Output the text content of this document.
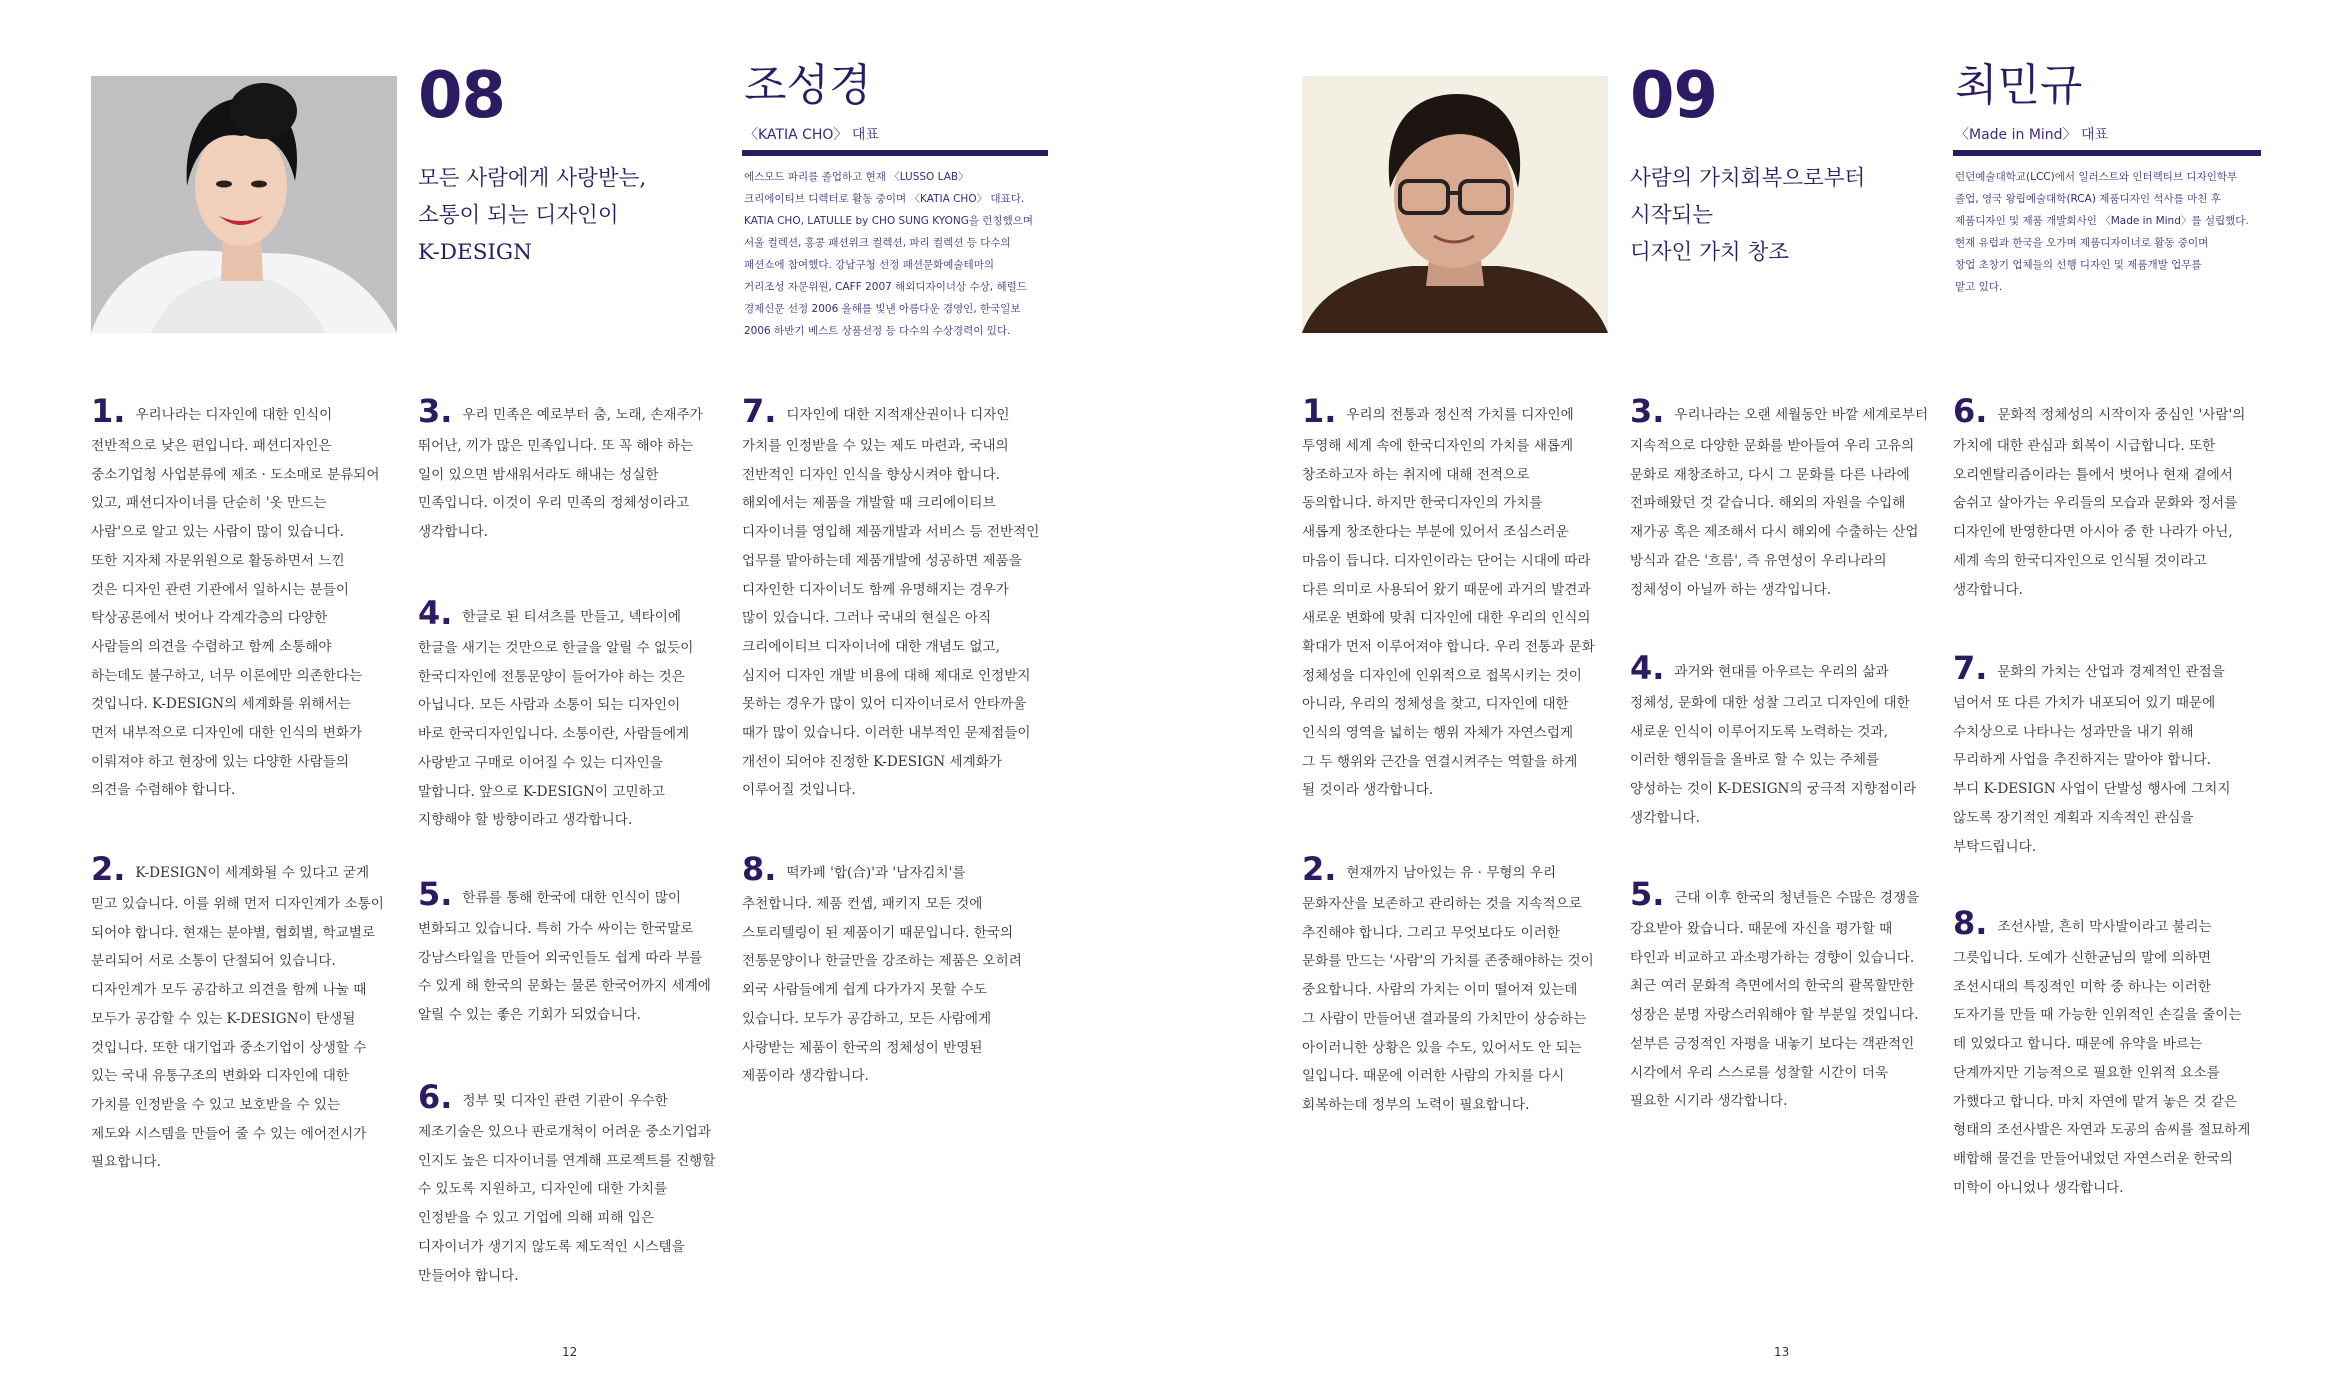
08
모든 사람에게 사랑받는,
소통이 되는 디자인이
K-DESIGN
조성경
〈KATIA CHO〉 대표
에스모드 파리를 졸업하고 현재 〈LUSSO LAB〉
크리에이티브 디렉터로 활동 중이며 〈KATIA CHO〉 대표다.
KATIA CHO, LATULLE by CHO SUNG KYONG을 런칭했으며
서울 컬렉션, 홍콩 패션위크 컬렉션, 파리 컬렉션 등 다수의
패션쇼에 참여했다. 강남구청 선정 패션문화예술테마의
거리조성 자문위원, CAFF 2007 해외디자이너상 수상, 헤럴드
경제신문 선정 2006 올해를 빛낸 아름다운 경영인, 한국일보
2006 하반기 베스트 상품선정 등 다수의 수상경력이 있다.
1. 우리나라는 디자인에 대한 인식이
전반적으로 낮은 편입니다. 패션디자인은
중소기업청 사업분류에 제조 · 도소매로 분류되어
있고, 패션디자이너를 단순히 '옷 만드는
사람'으로 알고 있는 사람이 많이 있습니다.
또한 지자체 자문위원으로 활동하면서 느낀
것은 디자인 관련 기관에서 일하시는 분들이
탁상공론에서 벗어나 각계각층의 다양한
사람들의 의견을 수렴하고 함께 소통해야
하는데도 불구하고, 너무 이론에만 의존한다는
것입니다. K-DESIGN의 세계화를 위해서는
먼저 내부적으로 디자인에 대한 인식의 변화가
이뤄져야 하고 현장에 있는 다양한 사람들의
의견을 수렴해야 합니다.
2. K-DESIGN이 세계화될 수 있다고 굳게
믿고 있습니다. 이를 위해 먼저 디자인계가 소통이
되어야 합니다. 현재는 분야별, 협회별, 학교별로
분리되어 서로 소통이 단절되어 있습니다.
디자인계가 모두 공감하고 의견을 함께 나눌 때
모두가 공감할 수 있는 K-DESIGN이 탄생될
것입니다. 또한 대기업과 중소기업이 상생할 수
있는 국내 유통구조의 변화와 디자인에 대한
가치를 인정받을 수 있고 보호받을 수 있는
제도와 시스템을 만들어 줄 수 있는 에어전시가
필요합니다.
3. 우리 민족은 예로부터 춤, 노래, 손재주가
뛰어난, 끼가 많은 민족입니다. 또 꼭 해야 하는
일이 있으면 밤새워서라도 해내는 성실한
민족입니다. 이것이 우리 민족의 정체성이라고
생각합니다.
4. 한글로 된 티셔츠를 만들고, 넥타이에
한글을 새기는 것만으로 한글을 알릴 수 없듯이
한국디자인에 전통문양이 들어가야 하는 것은
아닙니다. 모든 사람과 소통이 되는 디자인이
바로 한국디자인입니다. 소통이란, 사람들에게
사랑받고 구매로 이어질 수 있는 디자인을
말합니다. 앞으로 K-DESIGN이 고민하고
지향해야 할 방향이라고 생각합니다.
5. 한류를 통해 한국에 대한 인식이 많이
변화되고 있습니다. 특히 가수 싸이는 한국말로
강남스타일을 만들어 외국인들도 쉽게 따라 부를
수 있게 해 한국의 문화는 물론 한국어까지 세계에
알릴 수 있는 좋은 기회가 되었습니다.
6. 정부 및 디자인 관련 기관이 우수한
제조기술은 있으나 판로개척이 어려운 중소기업과
인지도 높은 디자이너를 연계해 프로젝트를 진행할
수 있도록 지원하고, 디자인에 대한 가치를
인정받을 수 있고 기업에 의해 피해 입은
디자이너가 생기지 않도록 제도적인 시스템을
만들어야 합니다.
7. 디자인에 대한 지적재산권이나 디자인
가치를 인정받을 수 있는 제도 마련과, 국내의
전반적인 디자인 인식을 향상시켜야 합니다.
해외에서는 제품을 개발할 때 크리에이티브
디자이너를 영입해 제품개발과 서비스 등 전반적인
업무를 맡아하는데 제품개발에 성공하면 제품을
디자인한 디자이너도 함께 유명해지는 경우가
많이 있습니다. 그러나 국내의 현실은 아직
크리에이티브 디자이너에 대한 개념도 없고,
심지어 디자인 개발 비용에 대해 제대로 인정받지
못하는 경우가 많이 있어 디자이너로서 안타까울
때가 많이 있습니다. 이러한 내부적인 문제점들이
개선이 되어야 진정한 K-DESIGN 세계화가
이루어질 것입니다.
8. 떡카페 '합(合)'과 '남자김치'를
추천합니다. 제품 컨셉, 패키지 모든 것에
스토리텔링이 된 제품이기 때문입니다. 한국의
전통문양이나 한글만을 강조하는 제품은 오히려
외국 사람들에게 쉽게 다가가지 못할 수도
있습니다. 모두가 공감하고, 모든 사람에게
사랑받는 제품이 한국의 정체성이 반영된
제품이라 생각합니다.
12
09
사람의 가치회복으로부터
시작되는
디자인 가치 창조
최민규
〈Made in Mind〉 대표
런던예술대학교(LCC)에서 일러스트와 인터랙티브 디자인학부
졸업, 영국 왕립예술대학(RCA) 제품디자인 석사를 마친 후
제품디자인 및 제품 개발회사인 〈Made in Mind〉를 설립했다.
현재 유럽과 한국을 오가며 제품디자이너로 활동 중이며
창업 초창기 업체들의 선행 디자인 및 제품개발 업무를
맡고 있다.
1. 우리의 전통과 정신적 가치를 디자인에
투영해 세계 속에 한국디자인의 가치를 새롭게
창조하고자 하는 취지에 대해 전적으로
동의합니다. 하지만 한국디자인의 가치를
새롭게 창조한다는 부분에 있어서 조심스러운
마음이 듭니다. 디자인이라는 단어는 시대에 따라
다른 의미로 사용되어 왔기 때문에 과거의 발견과
새로운 변화에 맞춰 디자인에 대한 우리의 인식의
확대가 먼저 이루어져야 합니다. 우리 전통과 문화
정체성을 디자인에 인위적으로 접목시키는 것이
아니라, 우리의 정체성을 찾고, 디자인에 대한
인식의 영역을 넓히는 행위 자체가 자연스럽게
그 두 행위와 근간을 연결시켜주는 역할을 하게
될 것이라 생각합니다.
2. 현재까지 남아있는 유 · 무형의 우리
문화자산을 보존하고 관리하는 것을 지속적으로
추진해야 합니다. 그리고 무엇보다도 이러한
문화를 만드는 '사람'의 가치를 존중해야하는 것이
중요합니다. 사람의 가치는 이미 떨어져 있는데
그 사람이 만들어낸 결과물의 가치만이 상승하는
아이러니한 상황은 있을 수도, 있어서도 안 되는
일입니다. 때문에 이러한 사람의 가치를 다시
회복하는데 정부의 노력이 필요합니다.
3. 우리나라는 오랜 세월동안 바깥 세계로부터
지속적으로 다양한 문화를 받아들여 우리 고유의
문화로 재창조하고, 다시 그 문화를 다른 나라에
전파해왔던 것 같습니다. 해외의 자원을 수입해
재가공 혹은 제조해서 다시 해외에 수출하는 산업
방식과 같은 '흐름', 즉 유연성이 우리나라의
정체성이 아닐까 하는 생각입니다.
4. 과거와 현대를 아우르는 우리의 삶과
정체성, 문화에 대한 성찰 그리고 디자인에 대한
새로운 인식이 이루어지도록 노력하는 것과,
이러한 행위들을 올바로 할 수 있는 주체를
양성하는 것이 K-DESIGN의 궁극적 지향점이라
생각합니다.
5. 근대 이후 한국의 청년들은 수많은 경쟁을
강요받아 왔습니다. 때문에 자신을 평가할 때
타인과 비교하고 과소평가하는 경향이 있습니다.
최근 여러 문화적 측면에서의 한국의 괄목할만한
성장은 분명 자랑스러워해야 할 부분일 것입니다.
섣부른 긍정적인 자평을 내놓기 보다는 객관적인
시각에서 우리 스스로를 성찰할 시간이 더욱
필요한 시기라 생각합니다.
6. 문화적 정체성의 시작이자 중심인 '사람'의
가치에 대한 관심과 회복이 시급합니다. 또한
오리엔탈리즘이라는 틀에서 벗어나 현재 곁에서
숨쉬고 살아가는 우리들의 모습과 문화와 정서를
디자인에 반영한다면 아시아 중 한 나라가 아닌,
세계 속의 한국디자인으로 인식될 것이라고
생각합니다.
7. 문화의 가치는 산업과 경제적인 관점을
넘어서 또 다른 가치가 내포되어 있기 때문에
수치상으로 나타나는 성과만을 내기 위해
무리하게 사업을 추진하지는 말아야 합니다.
부디 K-DESIGN 사업이 단발성 행사에 그치지
않도록 장기적인 계획과 지속적인 관심을
부탁드립니다.
8. 조선사발, 흔히 막사발이라고 불리는
그릇입니다. 도예가 신한균님의 말에 의하면
조선시대의 특징적인 미학 중 하나는 이러한
도자기를 만들 때 가능한 인위적인 손길을 줄이는
데 있었다고 합니다. 때문에 유약을 바르는
단계까지만 기능적으로 필요한 인위적 요소를
가했다고 합니다. 마치 자연에 맡겨 놓은 것 같은
형태의 조선사발은 자연과 도공의 솜씨를 절묘하게
배합해 물건을 만들어내었던 자연스러운 한국의
미학이 아니었나 생각합니다.
13
